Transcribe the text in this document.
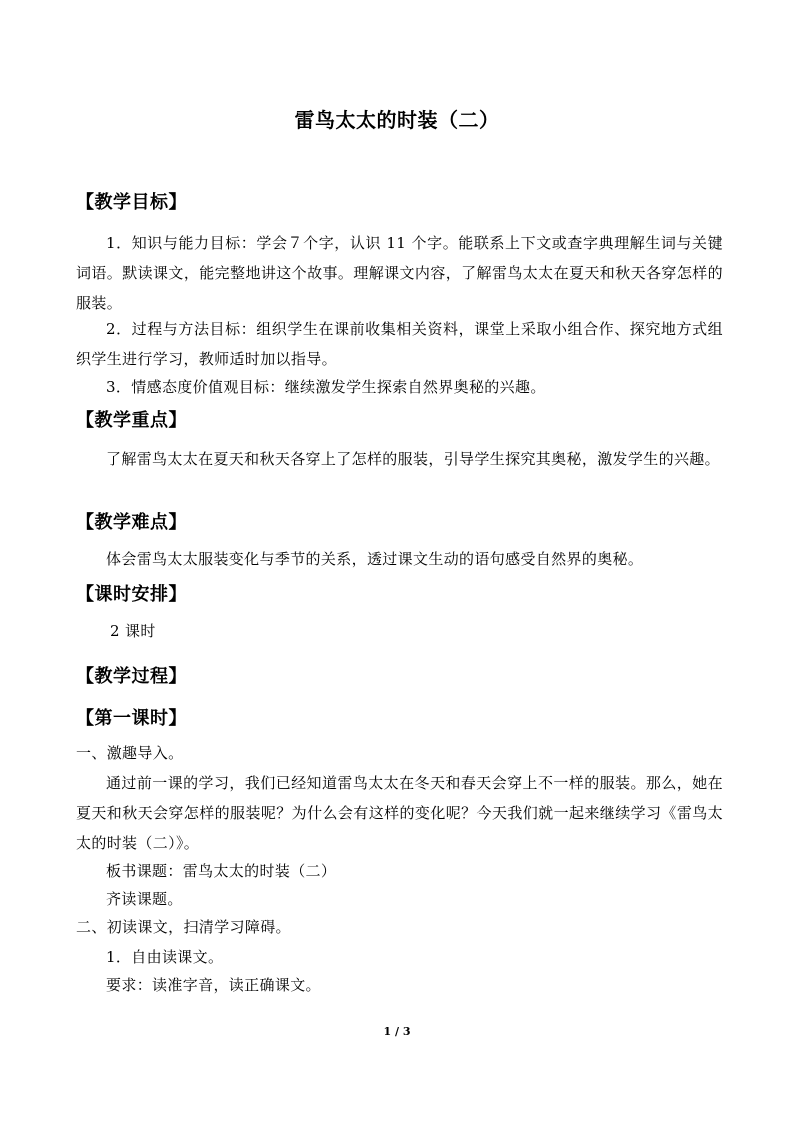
雷鸟太太的时装（二）
【教学目标】
1．知识与能力目标：学会７个字，认识 11 个字。能联系上下文或查字典理解生词与关键词语。默读课文，能完整地讲这个故事。理解课文内容，了解雷鸟太太在夏天和秋天各穿怎样的服装。
2．过程与方法目标：组织学生在课前收集相关资料，课堂上采取小组合作、探究地方式组织学生进行学习，教师适时加以指导。
3．情感态度价值观目标：继续激发学生探索自然界奥秘的兴趣。
【教学重点】
了解雷鸟太太在夏天和秋天各穿上了怎样的服装，引导学生探究其奥秘，激发学生的兴趣。
【教学难点】
体会雷鸟太太服装变化与季节的关系，透过课文生动的语句感受自然界的奥秘。
【课时安排】
2 课时
【教学过程】
【第一课时】
一、激趣导入。
通过前一课的学习，我们已经知道雷鸟太太在冬天和春天会穿上不一样的服装。那么，她在夏天和秋天会穿怎样的服装呢？为什么会有这样的变化呢？今天我们就一起来继续学习《雷鸟太太的时装（二）》。
板书课题：雷鸟太太的时装（二）
齐读课题。
二、初读课文，扫清学习障碍。
1．自由读课文。
要求：读准字音，读正确课文。
1 / 3
